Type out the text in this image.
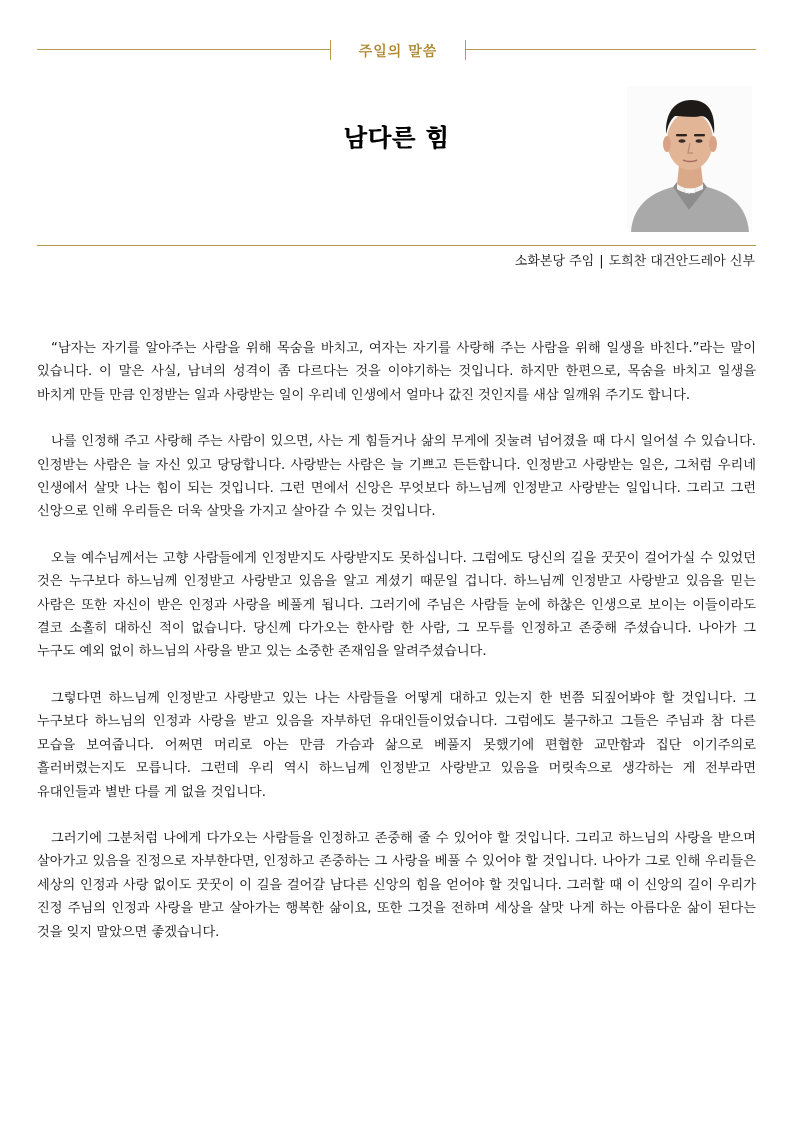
주일의 말씀
남다른 힘
소화본당 주임 | 도희찬 대건안드레아 신부

“남자는 자기를 알아주는 사람을 위해 목숨을 바치고, 여자는 자기를 사랑해 주는 사람을 위해 일생을 바친다.”라는 말이 있습니다. 이 말은 사실, 남녀의 성격이 좀 다르다는 것을 이야기하는 것입니다. 하지만 한편으로, 목숨을 바치고 일생을 바치게 만들 만큼 인정받는 일과 사랑받는 일이 우리네 인생에서 얼마나 값진 것인지를 새삼 일깨워 주기도 합니다.

나를 인정해 주고 사랑해 주는 사람이 있으면, 사는 게 힘들거나 삶의 무게에 짓눌려 넘어졌을 때 다시 일어설 수 있습니다. 인정받는 사람은 늘 자신 있고 당당합니다. 사랑받는 사람은 늘 기쁘고 든든합니다. 인정받고 사랑받는 일은, 그처럼 우리네 인생에서 살맛 나는 힘이 되는 것입니다. 그런 면에서 신앙은 무엇보다 하느님께 인정받고 사랑받는 일입니다. 그리고 그런 신앙으로 인해 우리들은 더욱 살맛을 가지고 살아갈 수 있는 것입니다.

오늘 예수님께서는 고향 사람들에게 인정받지도 사랑받지도 못하십니다. 그럼에도 당신의 길을 꿋꿋이 걸어가실 수 있었던 것은 누구보다 하느님께 인정받고 사랑받고 있음을 알고 계셨기 때문일 겁니다. 하느님께 인정받고 사랑받고 있음을 믿는 사람은 또한 자신이 받은 인정과 사랑을 베풀게 됩니다. 그러기에 주님은 사람들 눈에 하찮은 인생으로 보이는 이들이라도 결코 소홀히 대하신 적이 없습니다. 당신께 다가오는 한사람 한 사람, 그 모두를 인정하고 존중해 주셨습니다. 나아가 그 누구도 예외 없이 하느님의 사랑을 받고 있는 소중한 존재임을 알려주셨습니다.

그렇다면 하느님께 인정받고 사랑받고 있는 나는 사람들을 어떻게 대하고 있는지 한 번쯤 되짚어봐야 할 것입니다. 그 누구보다 하느님의 인정과 사랑을 받고 있음을 자부하던 유대인들이었습니다. 그럼에도 불구하고 그들은 주님과 참 다른 모습을 보여줍니다. 어쩌면 머리로 아는 만큼 가슴과 삶으로 베풀지 못했기에 편협한 교만함과 집단 이기주의로 흘러버렸는지도 모릅니다. 그런데 우리 역시 하느님께 인정받고 사랑받고 있음을 머릿속으로 생각하는 게 전부라면 유대인들과 별반 다를 게 없을 것입니다.

그러기에 그분처럼 나에게 다가오는 사람들을 인정하고 존중해 줄 수 있어야 할 것입니다. 그리고 하느님의 사랑을 받으며 살아가고 있음을 진정으로 자부한다면, 인정하고 존중하는 그 사랑을 베풀 수 있어야 할 것입니다. 나아가 그로 인해 우리들은 세상의 인정과 사랑 없이도 꿋꿋이 이 길을 걸어갈 남다른 신앙의 힘을 얻어야 할 것입니다. 그러할 때 이 신앙의 길이 우리가 진정 주님의 인정과 사랑을 받고 살아가는 행복한 삶이요, 또한 그것을 전하며 세상을 살맛 나게 하는 아름다운 삶이 된다는 것을 잊지 말았으면 좋겠습니다.
